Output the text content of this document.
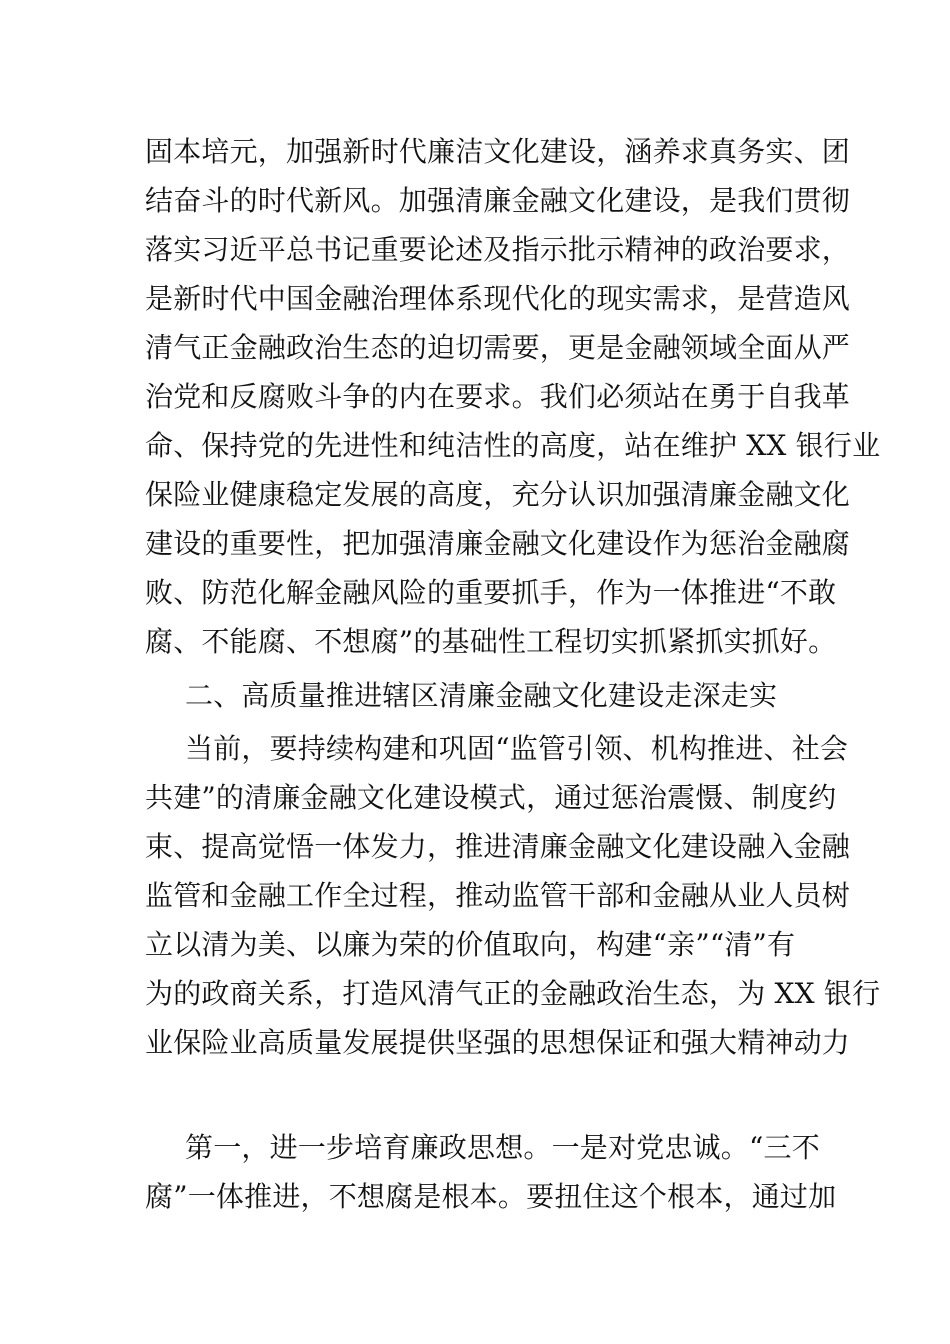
固本培元，加强新时代廉洁文化建设，涵养求真务实、团
结奋斗的时代新风。加强清廉金融文化建设，是我们贯彻
落实习近平总书记重要论述及指示批示精神的政治要求，
是新时代中国金融治理体系现代化的现实需求，是营造风
清气正金融政治生态的迫切需要，更是金融领域全面从严
治党和反腐败斗争的内在要求。我们必须站在勇于自我革
命、保持党的先进性和纯洁性的高度，站在维护 XX 银行业
保险业健康稳定发展的高度，充分认识加强清廉金融文化
建设的重要性，把加强清廉金融文化建设作为惩治金融腐
败、防范化解金融风险的重要抓手，作为一体推进“不敢
腐、不能腐、不想腐”的基础性工程切实抓紧抓实抓好。
二、高质量推进辖区清廉金融文化建设走深走实
当前，要持续构建和巩固“监管引领、机构推进、社会
共建”的清廉金融文化建设模式，通过惩治震慑、制度约
束、提高觉悟一体发力，推进清廉金融文化建设融入金融
监管和金融工作全过程，推动监管干部和金融从业人员树
立以清为美、以廉为荣的价值取向，构建“亲”“清”有
为的政商关系，打造风清气正的金融政治生态，为 XX 银行
业保险业高质量发展提供坚强的思想保证和强大精神动力
第一，进一步培育廉政思想。一是对党忠诚。“三不
腐”一体推进，不想腐是根本。要扭住这个根本，通过加
